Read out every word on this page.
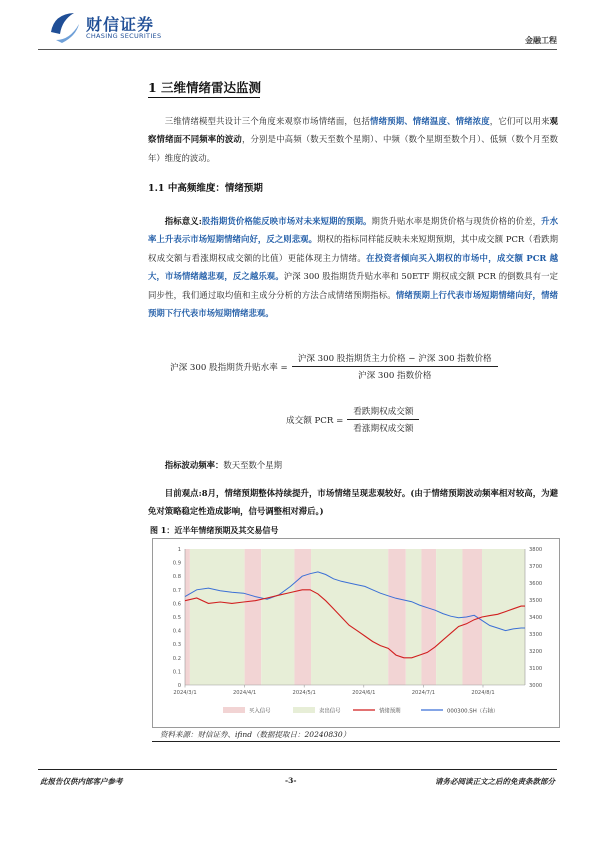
财信证券
CHASING SECURITIES	金融工程
1 三维情绪雷达监测
三维情绪模型共设计三个角度来观察市场情绪面，包括情绪预期、情绪温度、情绪浓度，它们可以用来观察情绪面不同频率的波动，分别是中高频（数天至数个星期）、中频（数个星期至数个月）、低频（数个月至数年）维度的波动。
1.1 中高频维度：情绪预期
指标意义:股指期货价格能反映市场对未来短期的预期。期货升贴水率是期货价格与现货价格的价差，升水率上升表示市场短期情绪向好，反之则悲观。期权的指标同样能反映未来短期预期，其中成交额 PCR（看跌期权成交额与看涨期权成交额的比值）更能体现主力情绪。在投资者倾向买入期权的市场中，成交额 PCR 越大，市场情绪越悲观，反之越乐观。沪深 300 股指期货升贴水率和 50ETF 期权成交额 PCR 的倒数具有一定同步性，我们通过取均值和主成分分析的方法合成情绪预期指标。情绪预期上行代表市场短期情绪向好，情绪预期下行代表市场短期情绪悲观。
沪深 300 股指期货升贴水率 = $\frac{\text{沪深 300 股指期货主力价格 − 沪深 300 指数价格}}{\text{沪深 300 指数价格}}$
成交额 PCR = $\frac{\text{看跌期权成交额}}{\text{看涨期权成交额}}$
指标波动频率：数天至数个星期
目前观点:8月，情绪预期整体持续提升，市场情绪呈现悲观较好。(由于情绪预期波动频率相对较高，为避免对策略稳定性造成影响，信号调整相对滞后。)
图 1：近半年情绪预期及其交易信号
0
0.1
0.2
0.3
0.4
0.5
0.6
0.7
0.8
0.9
1
3000
3100
3200
3300
3400
3500
3600
3700
3800
2024/3/1	2024/4/1	2024/5/1	2024/6/1	2024/7/1	2024/8/1
买入信号	卖出信号	情绪预期	000300.SH（右轴）
资料来源：财信证券、ifind（数据提取日：20240830）
此报告仅供内部客户参考	-3-	请务必阅读正文之后的免责条款部分
